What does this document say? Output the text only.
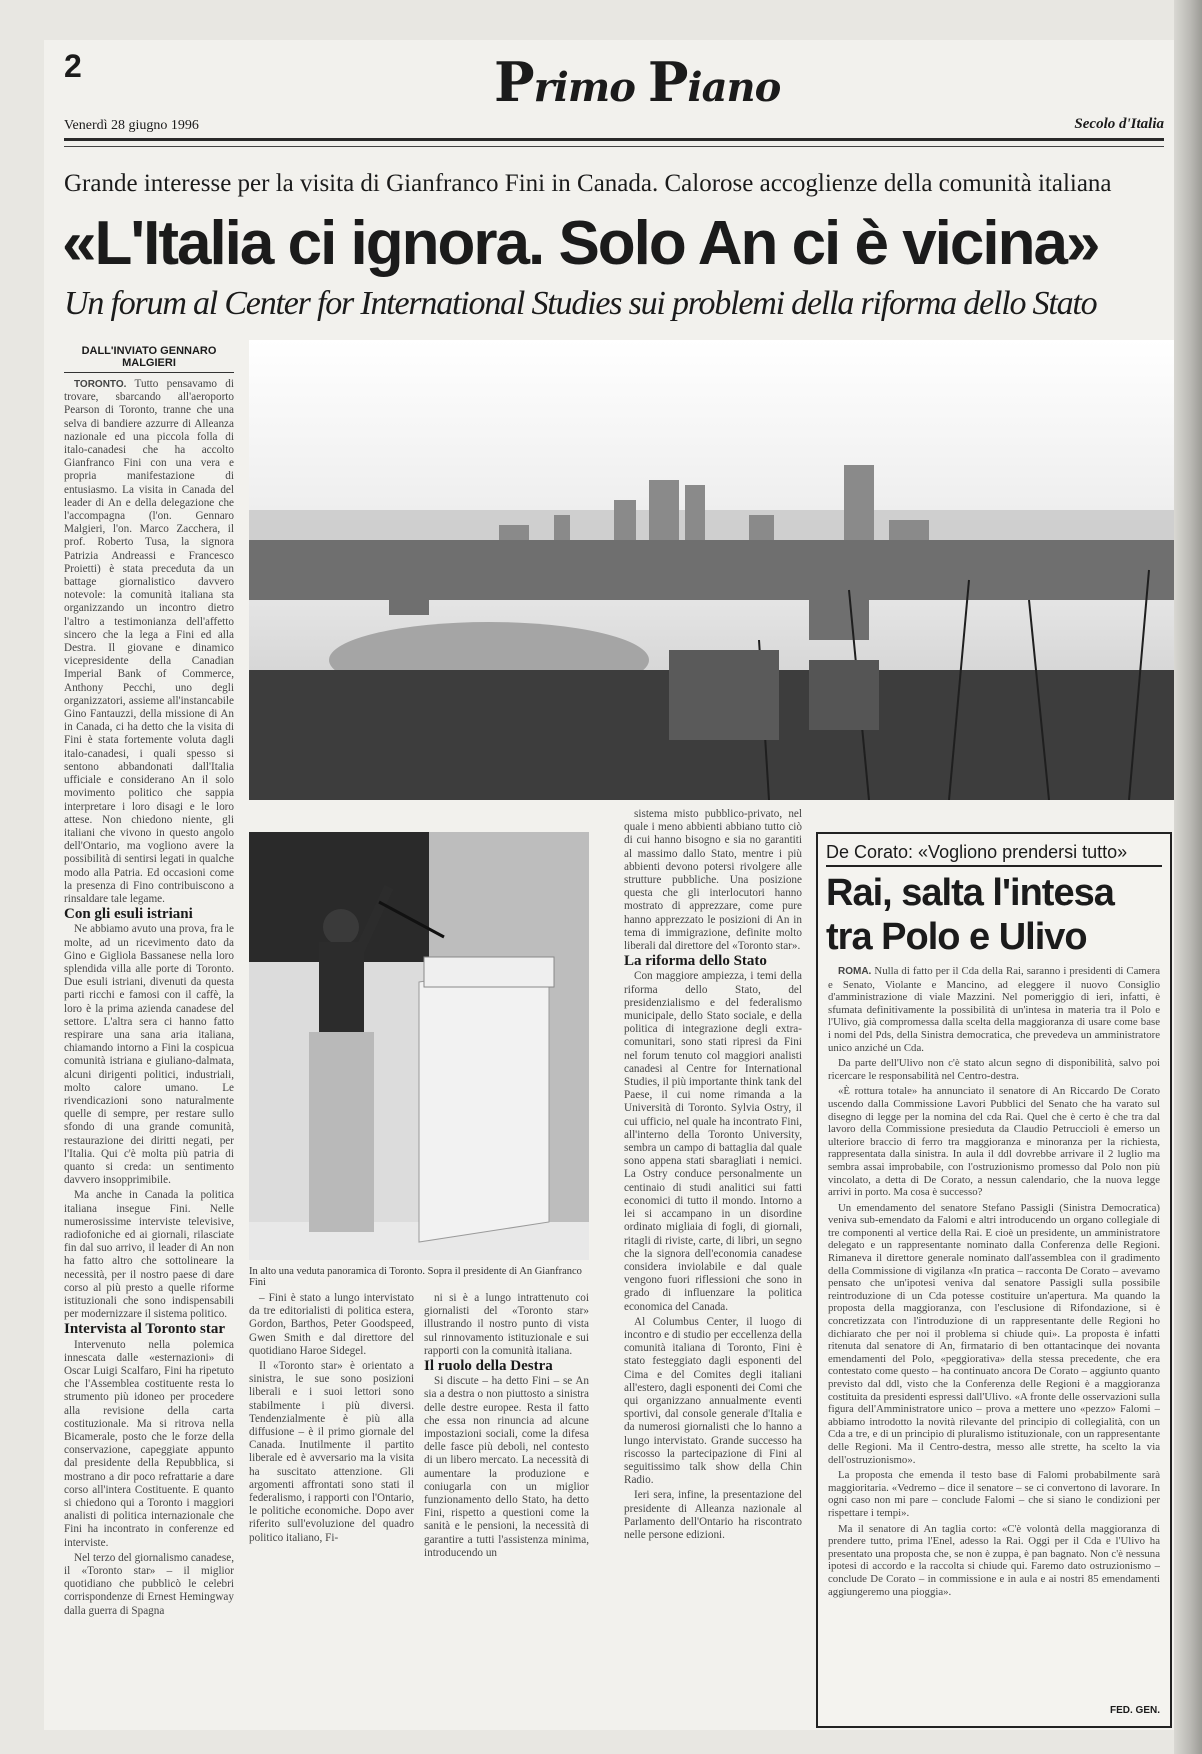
2	Primo Piano
Venerdì 28 giugno 1996	Secolo d'Italia
Grande interesse per la visita di Gianfranco Fini in Canada. Calorose accoglienze della comunità italiana
«L'Italia ci ignora. Solo An ci è vicina»
Un forum al Center for International Studies sui problemi della riforma dello Stato
DALL'INVIATO GENNARO MALGIERI

TORONTO. Tutto pensavamo di trovare, sbarcando all'aeroporto Pearson di Toronto, tranne che una selva di bandiere azzurre di Alleanza nazionale ed una piccola folla di italo-canadesi che ha accolto Gianfranco Fini con una vera e propria manifestazione di entusiasmo. La visita in Canada del leader di An e della delegazione che l'accompagna (l'on. Gennaro Malgieri, l'on. Marco Zacchera, il prof. Roberto Tusa, la signora Patrizia Andreassi e Francesco Proietti) è stata preceduta da un battage giornalistico davvero notevole: la comunità italiana sta organizzando un incontro dietro l'altro a testimonianza dell'affetto sincero che la lega a Fini ed alla Destra. Il giovane e dinamico vicepresidente della Canadian Imperial Bank of Commerce, Anthony Pecchi, uno degli organizzatori, assieme all'instancabile Gino Fantauzzi, della missione di An in Canada, ci ha detto che la visita di Fini è stata fortemente voluta dagli italo-canadesi, i quali spesso si sentono abbandonati dall'Italia ufficiale e considerano An il solo movimento politico che sappia interpretare i loro disagi e le loro attese. Non chiedono niente, gli italiani che vivono in questo angolo dell'Ontario, ma vogliono avere la possibilità di sentirsi legati in qualche modo alla Patria. Ed occasioni come la presenza di Fino contribuiscono a rinsaldare tale legame.

Con gli esuli istriani

Ne abbiamo avuto una prova, fra le molte, ad un ricevimento dato da Gino e Gigliola Bassanese nella loro splendida villa alle porte di Toronto. Due esuli istriani, divenuti da questa parti ricchi e famosi con il caffè, la loro è la prima azienda canadese del settore. L'altra sera ci hanno fatto respirare una sana aria italiana, chiamando intorno a Fini la cospicua comunità istriana e giuliano-dalmata, alcuni dirigenti politici, industriali, molto calore umano. Le rivendicazioni sono naturalmente quelle di sempre, per restare sullo sfondo di una grande comunità, restaurazione dei diritti negati, per l'Italia. Qui c'è molta più patria di quanto si creda: un sentimento davvero insopprimibile.

Ma anche in Canada la politica italiana insegue Fini. Nelle numerosissime interviste televisive, radiofoniche ed ai giornali, rilasciate fin dal suo arrivo, il leader di An non ha fatto altro che sottolineare la necessità, per il nostro paese di dare corso al più presto a quelle riforme istituzionali che sono indispensabili per modernizzare il sistema politico.

Intervista al Toronto star

Intervenuto nella polemica innescata dalle «esternazioni» di Oscar Luigi Scalfaro, Fini ha ripetuto che l'Assemblea costituente resta lo strumento più idoneo per procedere alla revisione della carta costituzionale. Ma si ritrova nella Bicamerale, posto che le forze della conservazione, capeggiate appunto dal presidente della Repubblica, si mostrano a dir poco refrattarie a dare corso all'intera Costituente. E quanto si chiedono qui a Toronto i maggiori analisti di politica internazionale che Fini ha incontrato in conferenze ed interviste.

Nel terzo del giornalismo canadese, il «Toronto star» – il miglior quotidiano che pubblicò le celebri corrispondenze di Ernest Hemingway dalla guerra di Spagna

In alto una veduta panoramica di Toronto. Sopra il presidente di An Gianfranco Fini

– Fini è stato a lungo intervistato da tre editorialisti di politica estera, Gordon, Barthos, Peter Goodspeed, Gwen Smith e dal direttore del quotidiano Haroe Sidegel.

Il «Toronto star» è orientato a sinistra, le sue sono posizioni liberali e i suoi lettori sono stabilmente i più diversi. Tendenzialmente è più alla diffusione – è il primo giornale del Canada. Inutilmente il partito liberale ed è avversario ma la visita ha suscitato attenzione. Gli argomenti affrontati sono stati il federalismo, i rapporti con l'Ontario, le politiche economiche. Dopo aver riferito sull'evoluzione del quadro politico italiano, Fi-

ni si è a lungo intrattenuto coi giornalisti del «Toronto star» illustrando il nostro punto di vista sul rinnovamento istituzionale e sui rapporti con la comunità italiana.

Il ruolo della Destra

Si discute – ha detto Fini – se An sia a destra o non piuttosto a sinistra delle destre europee. Resta il fatto che essa non rinuncia ad alcune impostazioni sociali, come la difesa delle fasce più deboli, nel contesto di un libero mercato. La necessità di aumentare la produzione e coniugarla con un miglior funzionamento dello Stato, ha detto Fini, rispetto a questioni come la sanità e le pensioni, la necessità di garantire a tutti l'assistenza minima, introducendo un

sistema misto pubblico-privato, nel quale i meno abbienti abbiano tutto ciò di cui hanno bisogno e sia no garantiti al massimo dallo Stato, mentre i più abbienti devono potersi rivolgere alle strutture pubbliche. Una posizione questa che gli interlocutori hanno mostrato di apprezzare, come pure hanno apprezzato le posizioni di An in tema di immigrazione, definite molto liberali dal direttore del «Toronto star».

La riforma dello Stato

Con maggiore ampiezza, i temi della riforma dello Stato, del presidenzialismo e del federalismo municipale, dello Stato sociale, e della politica di integrazione degli extra-comunitari, sono stati ripresi da Fini nel forum tenuto col maggiori analisti canadesi al Centre for International Studies, il più importante think tank del Paese, il cui nome rimanda a la Università di Toronto. Sylvia Ostry, il cui ufficio, nel quale ha incontrato Fini, all'interno della Toronto University, sembra un campo di battaglia dal quale sono appena stati sbaragliati i nemici. La Ostry conduce personalmente un centinaio di studi analitici sui fatti economici di tutto il mondo. Intorno a lei si accampano in un disordine ordinato migliaia di fogli, di giornali, ritagli di riviste, carte, di libri, un segno che la signora dell'economia canadese considera inviolabile e dal quale vengono fuori riflessioni che sono in grado di influenzare la politica economica del Canada.

Al Columbus Center, il luogo di incontro e di studio per eccellenza della comunità italiana di Toronto, Fini è stato festeggiato dagli esponenti del Cima e del Comites degli italiani all'estero, dagli esponenti dei Comi che qui organizzano annualmente eventi sportivi, dal console generale d'Italia e da numerosi giornalisti che lo hanno a lungo intervistato. Grande successo ha riscosso la partecipazione di Fini al seguitissimo talk show della Chin Radio.

Ieri sera, infine, la presentazione del presidente di Alleanza nazionale al Parlamento dell'Ontario ha riscontrato nelle persone edizioni.

De Corato: «Vogliono prendersi tutto»
Rai, salta l'intesa tra Polo e Ulivo

ROMA. Nulla di fatto per il Cda della Rai, saranno i presidenti di Camera e Senato, Violante e Mancino, ad eleggere il nuovo Consiglio d'amministrazione di viale Mazzini. Nel pomeriggio di ieri, infatti, è sfumata definitivamente la possibilità di un'intesa in materia tra il Polo e l'Ulivo, già compromessa dalla scelta della maggioranza di usare come base i nomi del Pds, della Sinistra democratica, che prevedeva un amministratore unico anziché un Cda.

Da parte dell'Ulivo non c'è stato alcun segno di disponibilità, salvo poi ricercare le responsabilità nel Centro-destra.

«È rottura totale» ha annunciato il senatore di An Riccardo De Corato uscendo dalla Commissione Lavori Pubblici del Senato che ha varato sul disegno di legge per la nomina del cda Rai. Quel che è certo è che tra dal lavoro della Commissione presieduta da Claudio Petruccioli è emerso un ulteriore braccio di ferro tra maggioranza e minoranza per la richiesta, rappresentata dalla sinistra. In aula il ddl dovrebbe arrivare il 2 luglio ma sembra assai improbabile, con l'ostruzionismo promesso dal Polo non più vincolato, a detta di De Corato, a nessun calendario, che la nuova legge arrivi in porto. Ma cosa è successo?

Un emendamento del senatore Stefano Passigli (Sinistra Democratica) veniva sub-emendato da Falomi e altri introducendo un organo collegiale di tre componenti al vertice della Rai. E cioè un presidente, un amministratore delegato e un rappresentante nominato dalla Conferenza delle Regioni. Rimaneva il direttore generale nominato dall'assemblea con il gradimento della Commissione di vigilanza «In pratica – racconta De Corato – avevamo pensato che un'ipotesi veniva dal senatore Passigli sulla possibile reintroduzione di un Cda potesse costituire un'apertura. Ma quando la proposta della maggioranza, con l'esclusione di Rifondazione, si è concretizzata con l'introduzione di un rappresentante delle Regioni ho dichiarato che per noi il problema si chiude qui». La proposta è infatti ritenuta dal senatore di An, firmatario di ben ottantacinque dei novanta emendamenti del Polo, «peggiorativa» della stessa precedente, che era contestato come questo – ha continuato ancora De Corato – aggiunto quanto previsto dal ddl, visto che la Conferenza delle Regioni è a maggioranza costituita da presidenti espressi dall'Ulivo. «A fronte delle osservazioni sulla figura dell'Amministratore unico – prova a mettere uno «pezzo» Falomi – abbiamo introdotto la novità rilevante del principio di collegialità, con un Cda a tre, e di un principio di pluralismo istituzionale, con un rappresentante delle Regioni. Ma il Centro-destra, messo alle strette, ha scelto la via dell'ostruzionismo».

La proposta che emenda il testo base di Falomi probabilmente sarà maggioritaria. «Vedremo – dice il senatore – se ci convertono di lavorare. In ogni caso non mi pare – conclude Falomi – che si siano le condizioni per rispettare i tempi».

Ma il senatore di An taglia corto: «C'è volontà della maggioranza di prendere tutto, prima l'Enel, adesso la Rai. Oggi per il Cda e l'Ulivo ha presentato una proposta che, se non è zuppa, è pan bagnato. Non c'è nessuna ipotesi di accordo e la raccolta si chiude qui. Faremo dato ostruzionismo – conclude De Corato – in commissione e in aula e ai nostri 85 emendamenti aggiungeremo una pioggia».

FED. GEN.
